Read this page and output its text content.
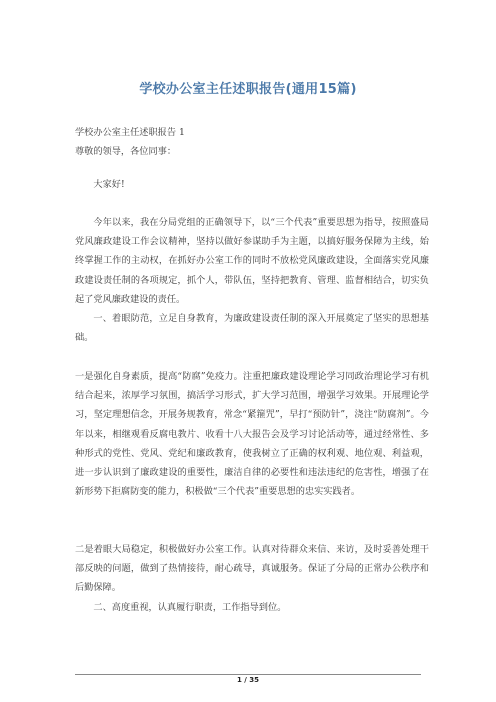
学校办公室主任述职报告(通用15篇)

学校办公室主任述职报告 1

尊敬的领导，各位同事：

大家好!

今年以来，我在分局党组的正确领导下，以“三个代表”重要思想为指导，按照盛局党风廉政建设工作会议精神，坚持以做好参谋助手为主题，以搞好服务保障为主线，始终掌握工作的主动权，在抓好办公室工作的同时不放松党风廉政建设，全面落实党风廉政建设责任制的各项规定，抓个人，带队伍，坚持把教育、管理、监督相结合，切实负起了党风廉政建设的责任。

一、着眼防范，立足自身教育，为廉政建设责任制的深入开展奠定了坚实的思想基础。

一是强化自身素质，提高“防腐”免疫力。注重把廉政建设理论学习同政治理论学习有机结合起来，浓厚学习氛围，搞活学习形式，扩大学习范围，增强学习效果。开展理论学习，坚定理想信念，开展务规教育，常念“紧箍咒”，早打“预防针”，浇注“防腐剂”。今年以来，相继观看反腐电教片、收看十八大报告会及学习讨论活动等，通过经常性、多种形式的党性、党风、党纪和廉政教育，使我树立了正确的权利观、地位观、利益观，进一步认识到了廉政建设的重要性，廉洁自律的必要性和违法违纪的危害性，增强了在新形势下拒腐防变的能力，积极做“三个代表”重要思想的忠实实践者。

二是着眼大局稳定，积极做好办公室工作。认真对待群众来信、来访，及时妥善处理干部反映的问题，做到了热情接待，耐心疏导，真诚服务。保证了分局的正常办公秩序和后勤保障。

二、高度重视，认真履行职责，工作指导到位。

1 / 35
